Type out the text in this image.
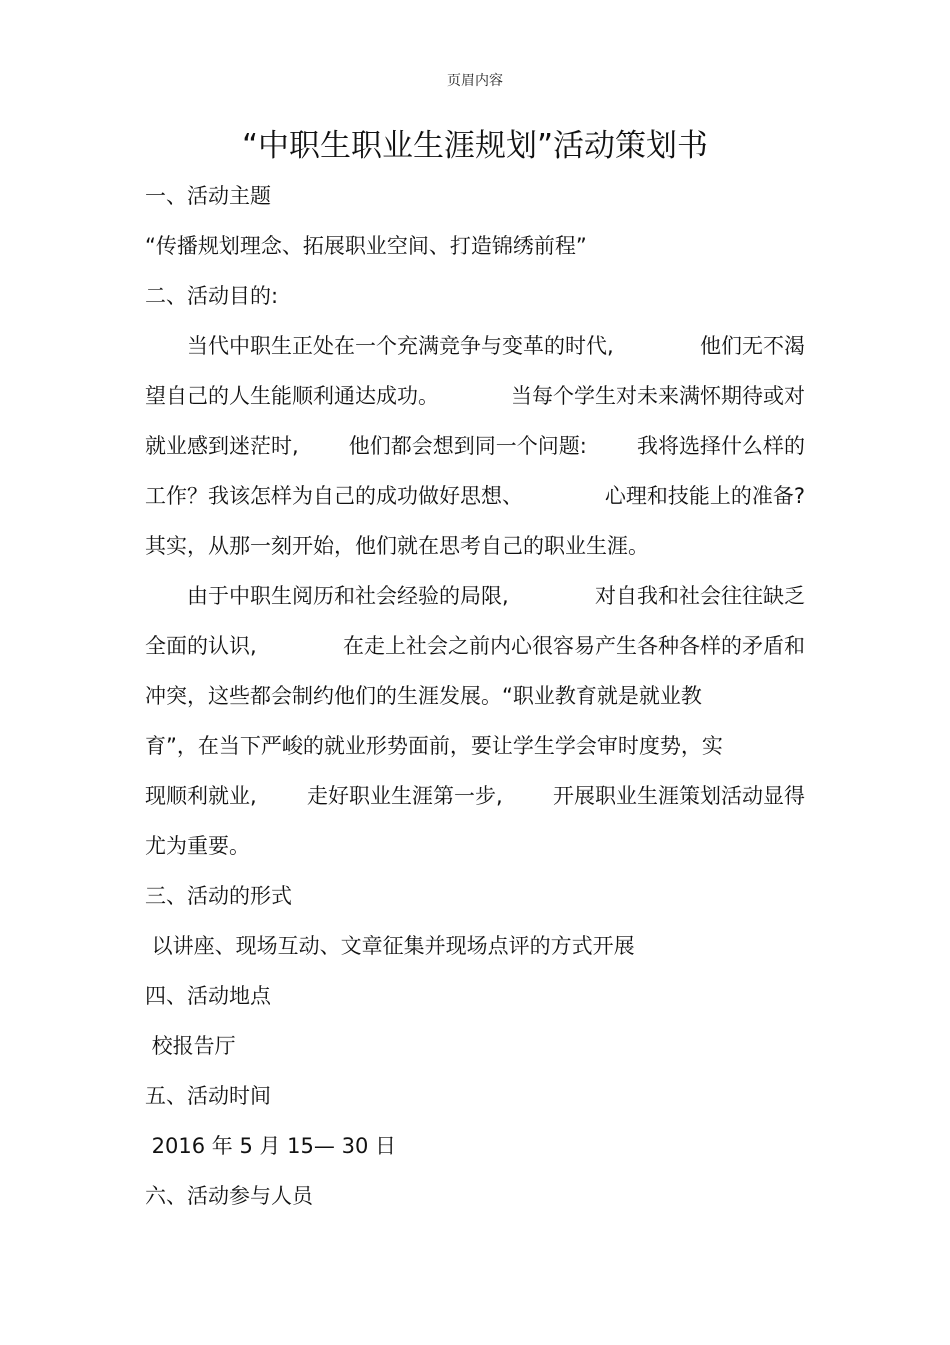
页眉内容
“中职生职业生涯规划”活动策划书
一、活动主题
“传播规划理念、拓展职业空间、打造锦绣前程”
二、活动目的:
　　当代中职生正处在一个充满竞争与变革的时代,	他们无不渴
望自己的人生能顺利通达成功。	当每个学生对未来满怀期待或对
就业感到迷茫时, 他们都会想到同一个问题: 我将选择什么样的
工作？我该怎样为自己的成功做好思想、	心理和技能上的准备?
其实，从那一刻开始，他们就在思考自己的职业生涯。
　　由于中职生阅历和社会经验的局限,	对自我和社会往往缺乏
全面的认识,	在走上社会之前内心很容易产生各种各样的矛盾和
冲突，这些都会制约他们的生涯发展。“职业教育就是就业教
育”，在当下严峻的就业形势面前，要让学生学会审时度势，实
现顺利就业, 走好职业生涯第一步, 开展职业生涯策划活动显得
尤为重要。
三、活动的形式
以讲座、现场互动、文章征集并现场点评的方式开展
四、活动地点
校报告厅
五、活动时间
2016 年 5 月 15— 30 日
六、活动参与人员
